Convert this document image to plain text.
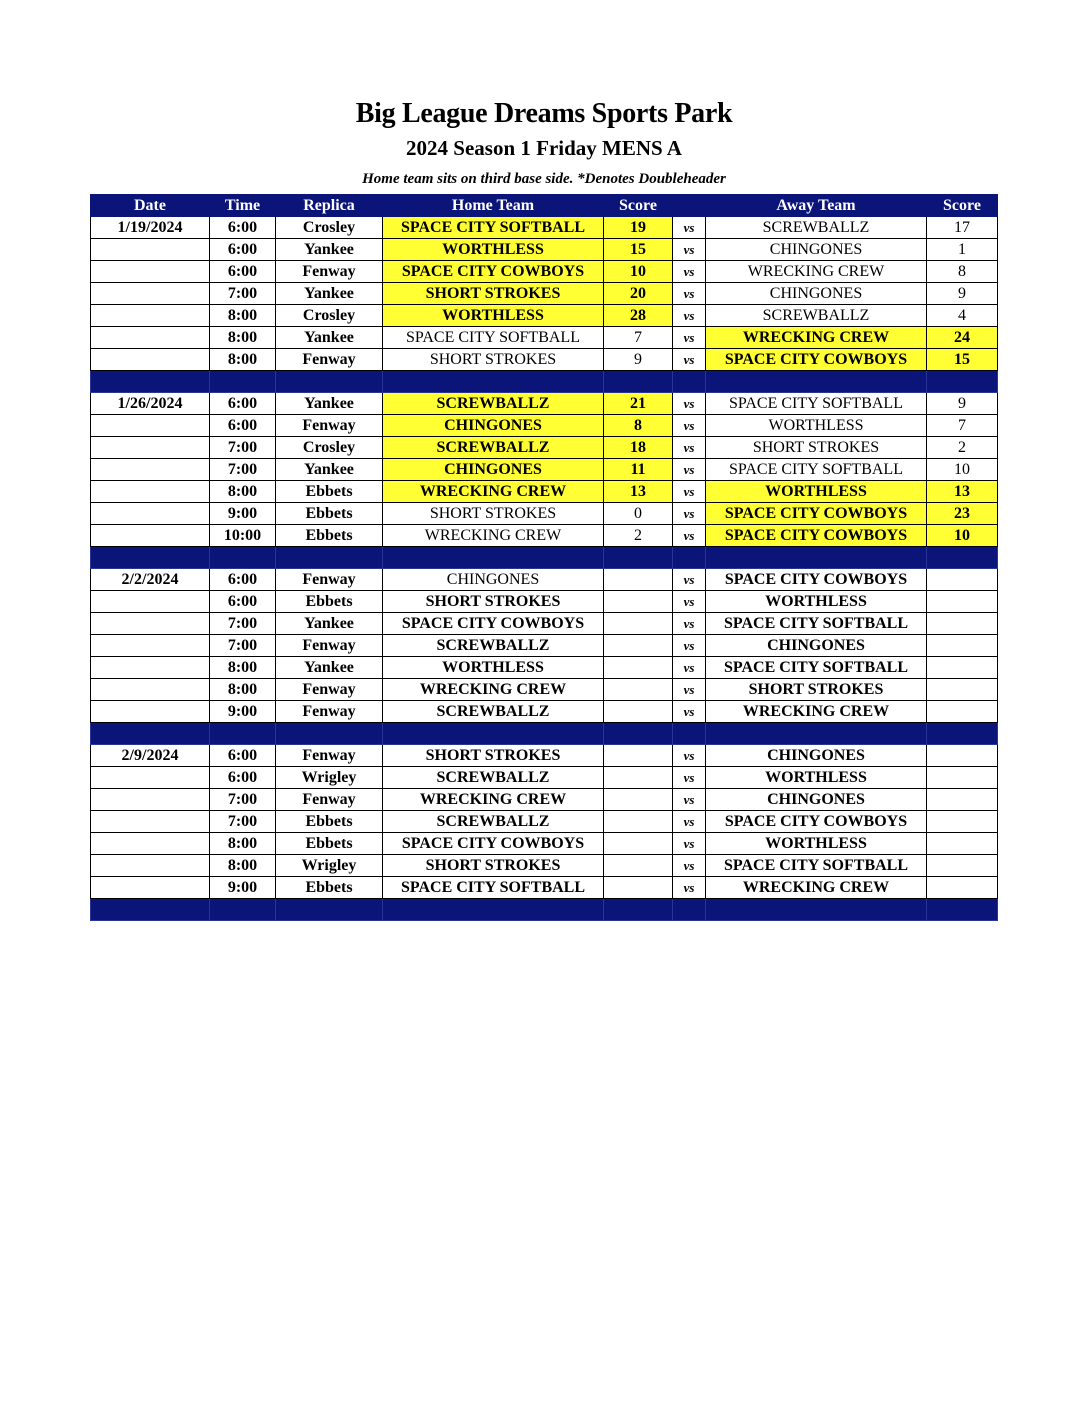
Big League Dreams Sports Park
2024 Season 1 Friday MENS A
Home team sits on third base side. *Denotes Doubleheader
Date	Time	Replica	Home Team	Score		Away Team	Score
1/19/2024	6:00	Crosley	SPACE CITY SOFTBALL	19	vs	SCREWBALLZ	17
	6:00	Yankee	WORTHLESS	15	vs	CHINGONES	1
	6:00	Fenway	SPACE CITY COWBOYS	10	vs	WRECKING CREW	8
	7:00	Yankee	SHORT STROKES	20	vs	CHINGONES	9
	8:00	Crosley	WORTHLESS	28	vs	SCREWBALLZ	4
	8:00	Yankee	SPACE CITY SOFTBALL	7	vs	WRECKING CREW	24
	8:00	Fenway	SHORT STROKES	9	vs	SPACE CITY COWBOYS	15

1/26/2024	6:00	Yankee	SCREWBALLZ	21	vs	SPACE CITY SOFTBALL	9
	6:00	Fenway	CHINGONES	8	vs	WORTHLESS	7
	7:00	Crosley	SCREWBALLZ	18	vs	SHORT STROKES	2
	7:00	Yankee	CHINGONES	11	vs	SPACE CITY SOFTBALL	10
	8:00	Ebbets	WRECKING CREW	13	vs	WORTHLESS	13
	9:00	Ebbets	SHORT STROKES	0	vs	SPACE CITY COWBOYS	23
	10:00	Ebbets	WRECKING CREW	2	vs	SPACE CITY COWBOYS	10

2/2/2024	6:00	Fenway	CHINGONES		vs	SPACE CITY COWBOYS	
	6:00	Ebbets	SHORT STROKES		vs	WORTHLESS	
	7:00	Yankee	SPACE CITY COWBOYS		vs	SPACE CITY SOFTBALL	
	7:00	Fenway	SCREWBALLZ		vs	CHINGONES	
	8:00	Yankee	WORTHLESS		vs	SPACE CITY SOFTBALL	
	8:00	Fenway	WRECKING CREW		vs	SHORT STROKES	
	9:00	Fenway	SCREWBALLZ		vs	WRECKING CREW	

2/9/2024	6:00	Fenway	SHORT STROKES		vs	CHINGONES	
	6:00	Wrigley	SCREWBALLZ		vs	WORTHLESS	
	7:00	Fenway	WRECKING CREW		vs	CHINGONES	
	7:00	Ebbets	SCREWBALLZ		vs	SPACE CITY COWBOYS	
	8:00	Ebbets	SPACE CITY COWBOYS		vs	WORTHLESS	
	8:00	Wrigley	SHORT STROKES		vs	SPACE CITY SOFTBALL	
	9:00	Ebbets	SPACE CITY SOFTBALL		vs	WRECKING CREW	
